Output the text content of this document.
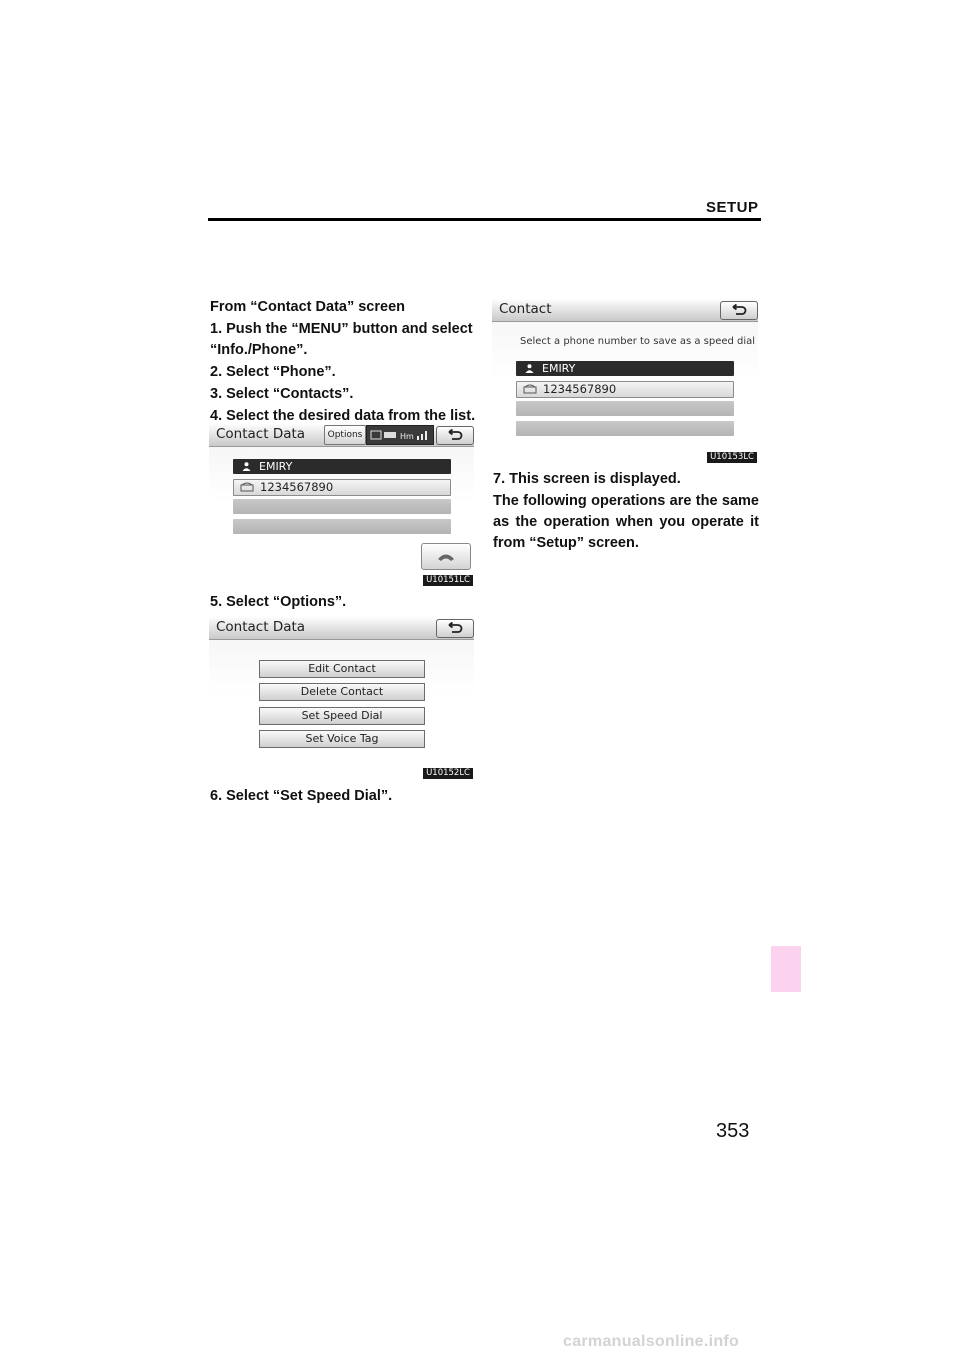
SETUP
From “Contact Data” screen
1. Push the “MENU” button and select “Info./Phone”.
2. Select “Phone”.
3. Select “Contacts”.
4. Select the desired data from the list.
Contact Data	Options	Hm
EMIRY
1234567890
U10151LC
5. Select “Options”.
Contact Data
Edit Contact
Delete Contact
Set Speed Dial
Set Voice Tag
U10152LC
6. Select “Set Speed Dial”.
Contact
Select a phone number to save as a speed dial
EMIRY
1234567890
U10153LC
7. This screen is displayed.
The following operations are the same as the operation when you operate it from “Setup” screen.
353
carmanualsonline.info
